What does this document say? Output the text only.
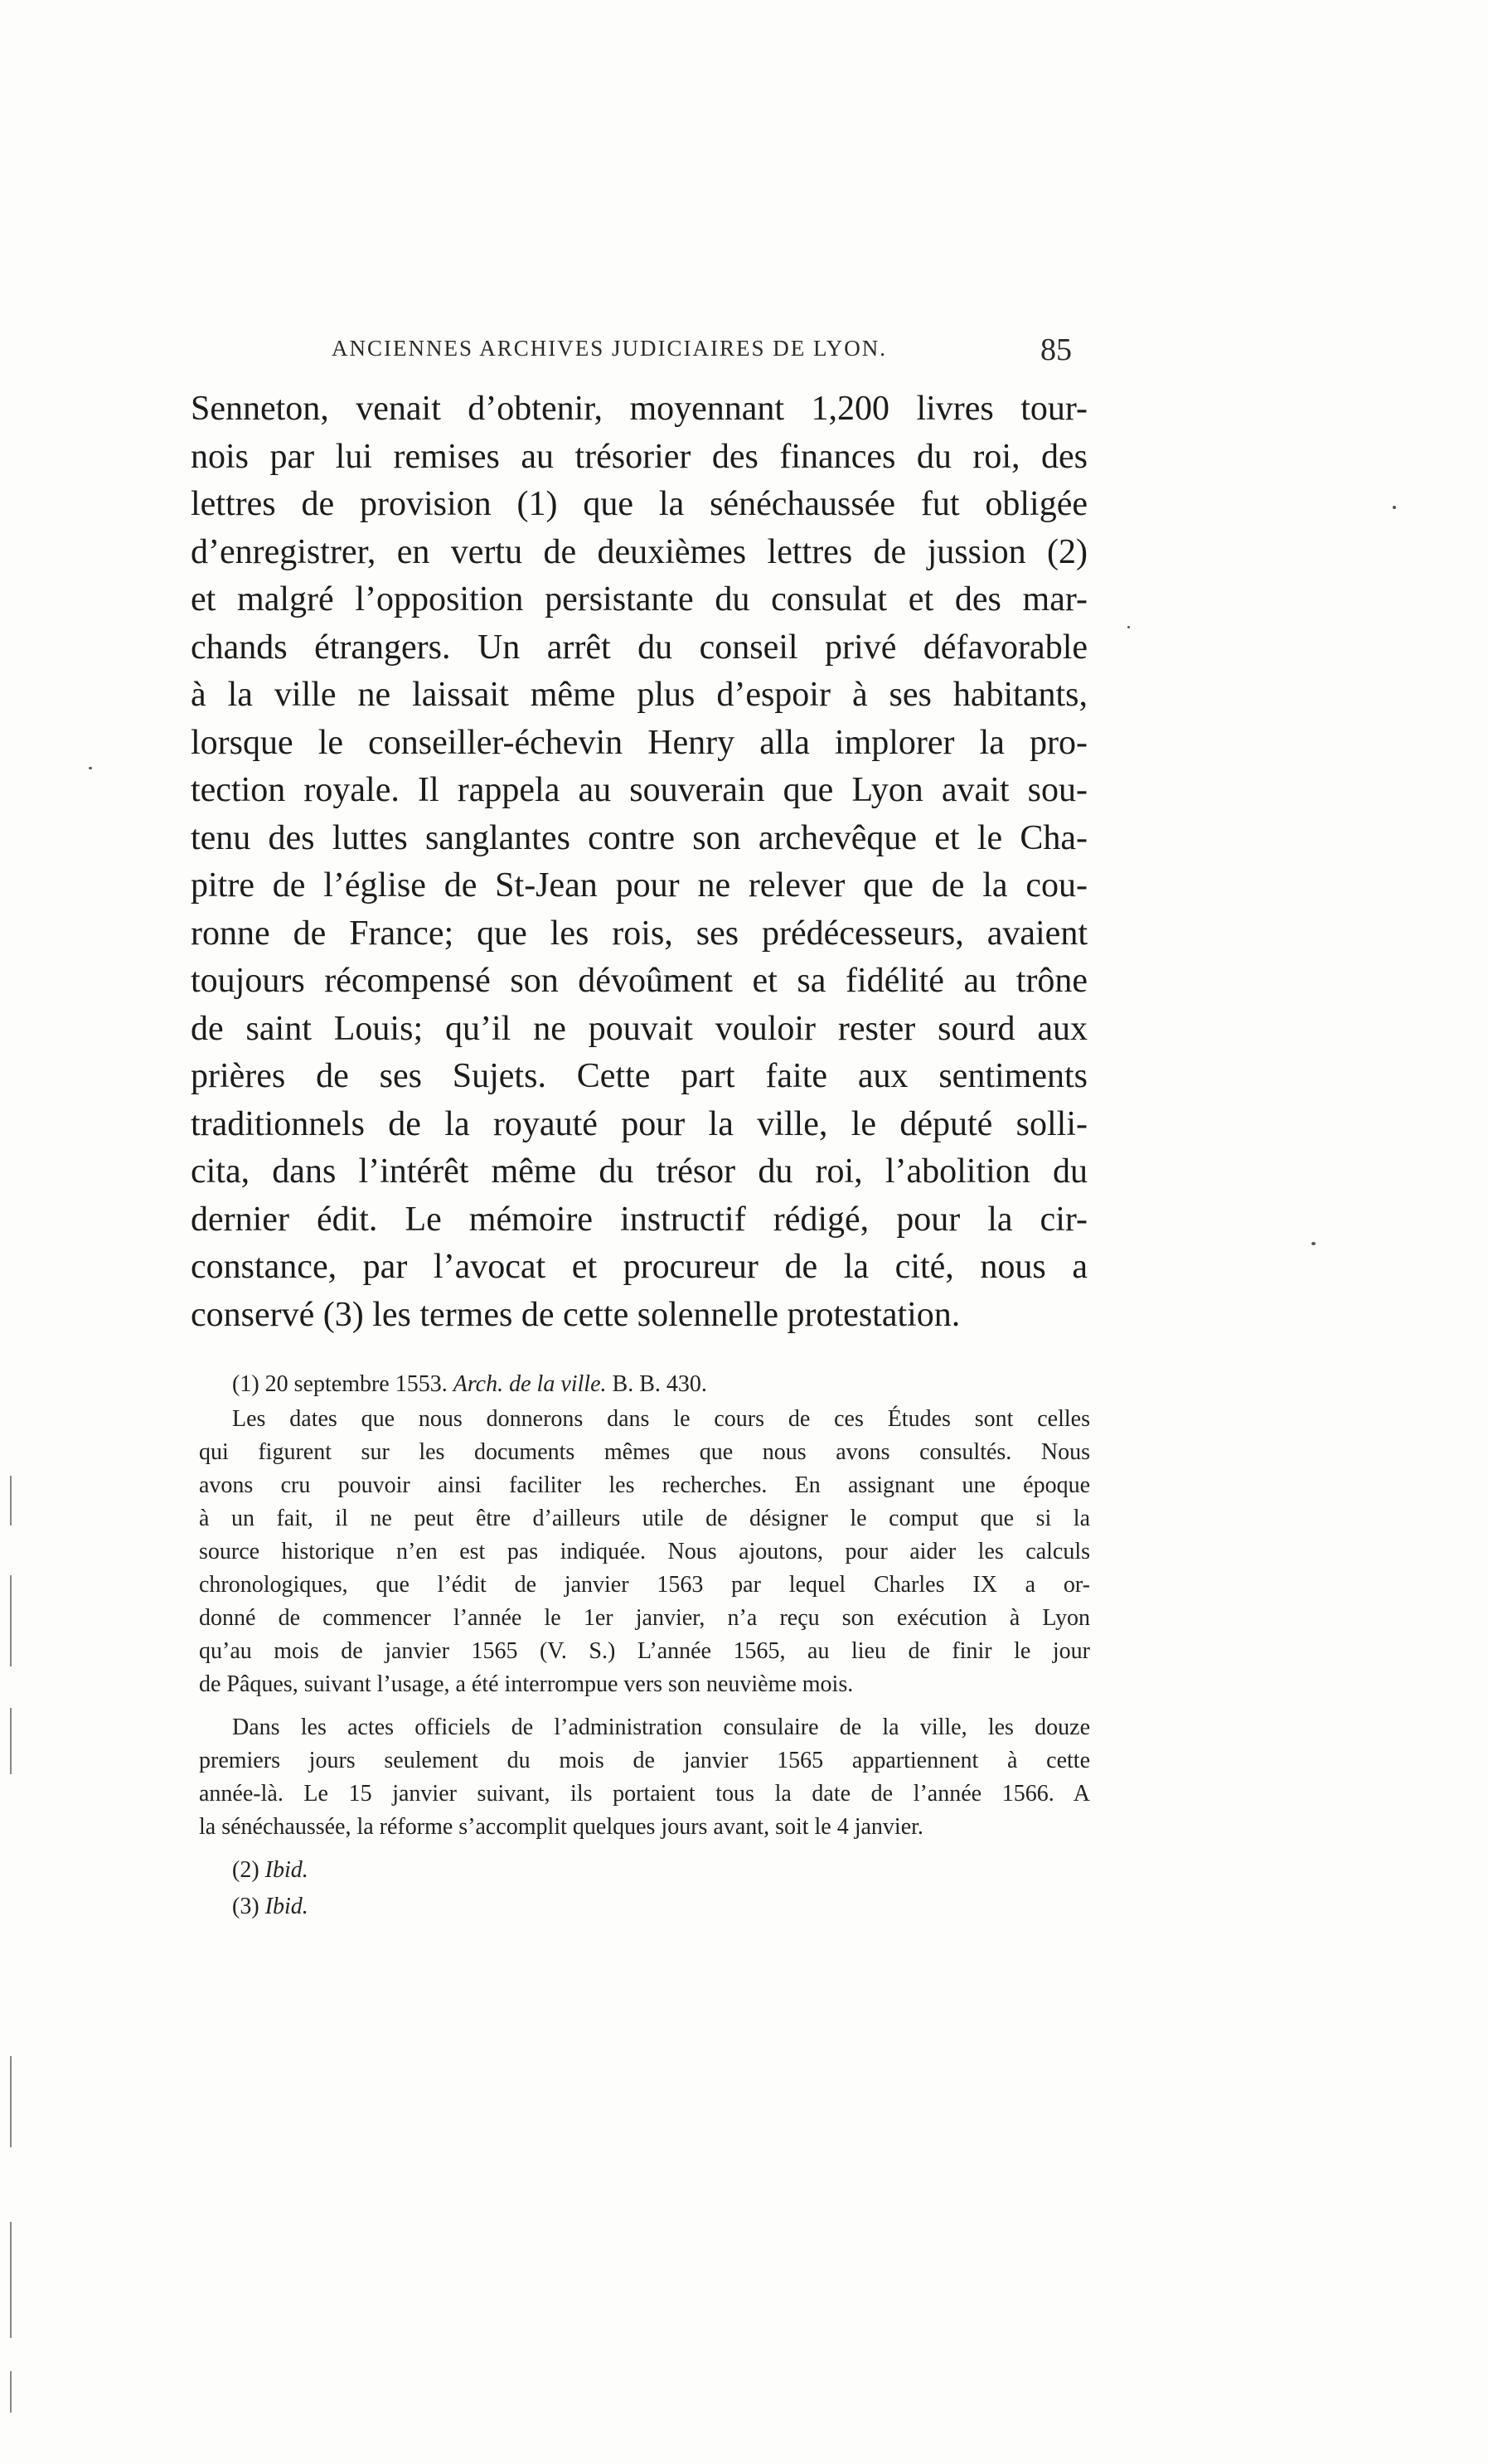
ANCIENNES ARCHIVES JUDICIAIRES DE LYON.	85
Senneton, venait d’obtenir, moyennant 1,200 livres tour-
nois par lui remises au trésorier des finances du roi, des
lettres de provision (1) que la sénéchaussée fut obligée
d’enregistrer, en vertu de deuxièmes lettres de jussion (2)
et malgré l’opposition persistante du consulat et des mar-
chands étrangers. Un arrêt du conseil privé défavorable
à la ville ne laissait même plus d’espoir à ses habitants,
lorsque le conseiller-échevin Henry alla implorer la pro-
tection royale. Il rappela au souverain que Lyon avait sou-
tenu des luttes sanglantes contre son archevêque et le Cha-
pitre de l’église de St-Jean pour ne relever que de la cou-
ronne de France; que les rois, ses prédécesseurs, avaient
toujours récompensé son dévoûment et sa fidélité au trône
de saint Louis; qu’il ne pouvait vouloir rester sourd aux
prières de ses Sujets. Cette part faite aux sentiments
traditionnels de la royauté pour la ville, le député solli-
cita, dans l’intérêt même du trésor du roi, l’abolition du
dernier édit. Le mémoire instructif rédigé, pour la cir-
constance, par l’avocat et procureur de la cité, nous a
conservé (3) les termes de cette solennelle protestation.
(1) 20 septembre 1553. Arch. de la ville. B. B. 430.
Les dates que nous donnerons dans le cours de ces Études sont celles
qui figurent sur les documents mêmes que nous avons consultés. Nous
avons cru pouvoir ainsi faciliter les recherches. En assignant une époque
à un fait, il ne peut être d’ailleurs utile de désigner le comput que si la
source historique n’en est pas indiquée. Nous ajoutons, pour aider les calculs
chronologiques, que l’édit de janvier 1563 par lequel Charles IX a or-
donné de commencer l’année le 1er janvier, n’a reçu son exécution à Lyon
qu’au mois de janvier 1565 (V. S.) L’année 1565, au lieu de finir le jour
de Pâques, suivant l’usage, a été interrompue vers son neuvième mois.
Dans les actes officiels de l’administration consulaire de la ville, les douze
premiers jours seulement du mois de janvier 1565 appartiennent à cette
année-là. Le 15 janvier suivant, ils portaient tous la date de l’année 1566. A
la sénéchaussée, la réforme s’accomplit quelques jours avant, soit le 4 janvier.
(2) Ibid.
(3) Ibid.
